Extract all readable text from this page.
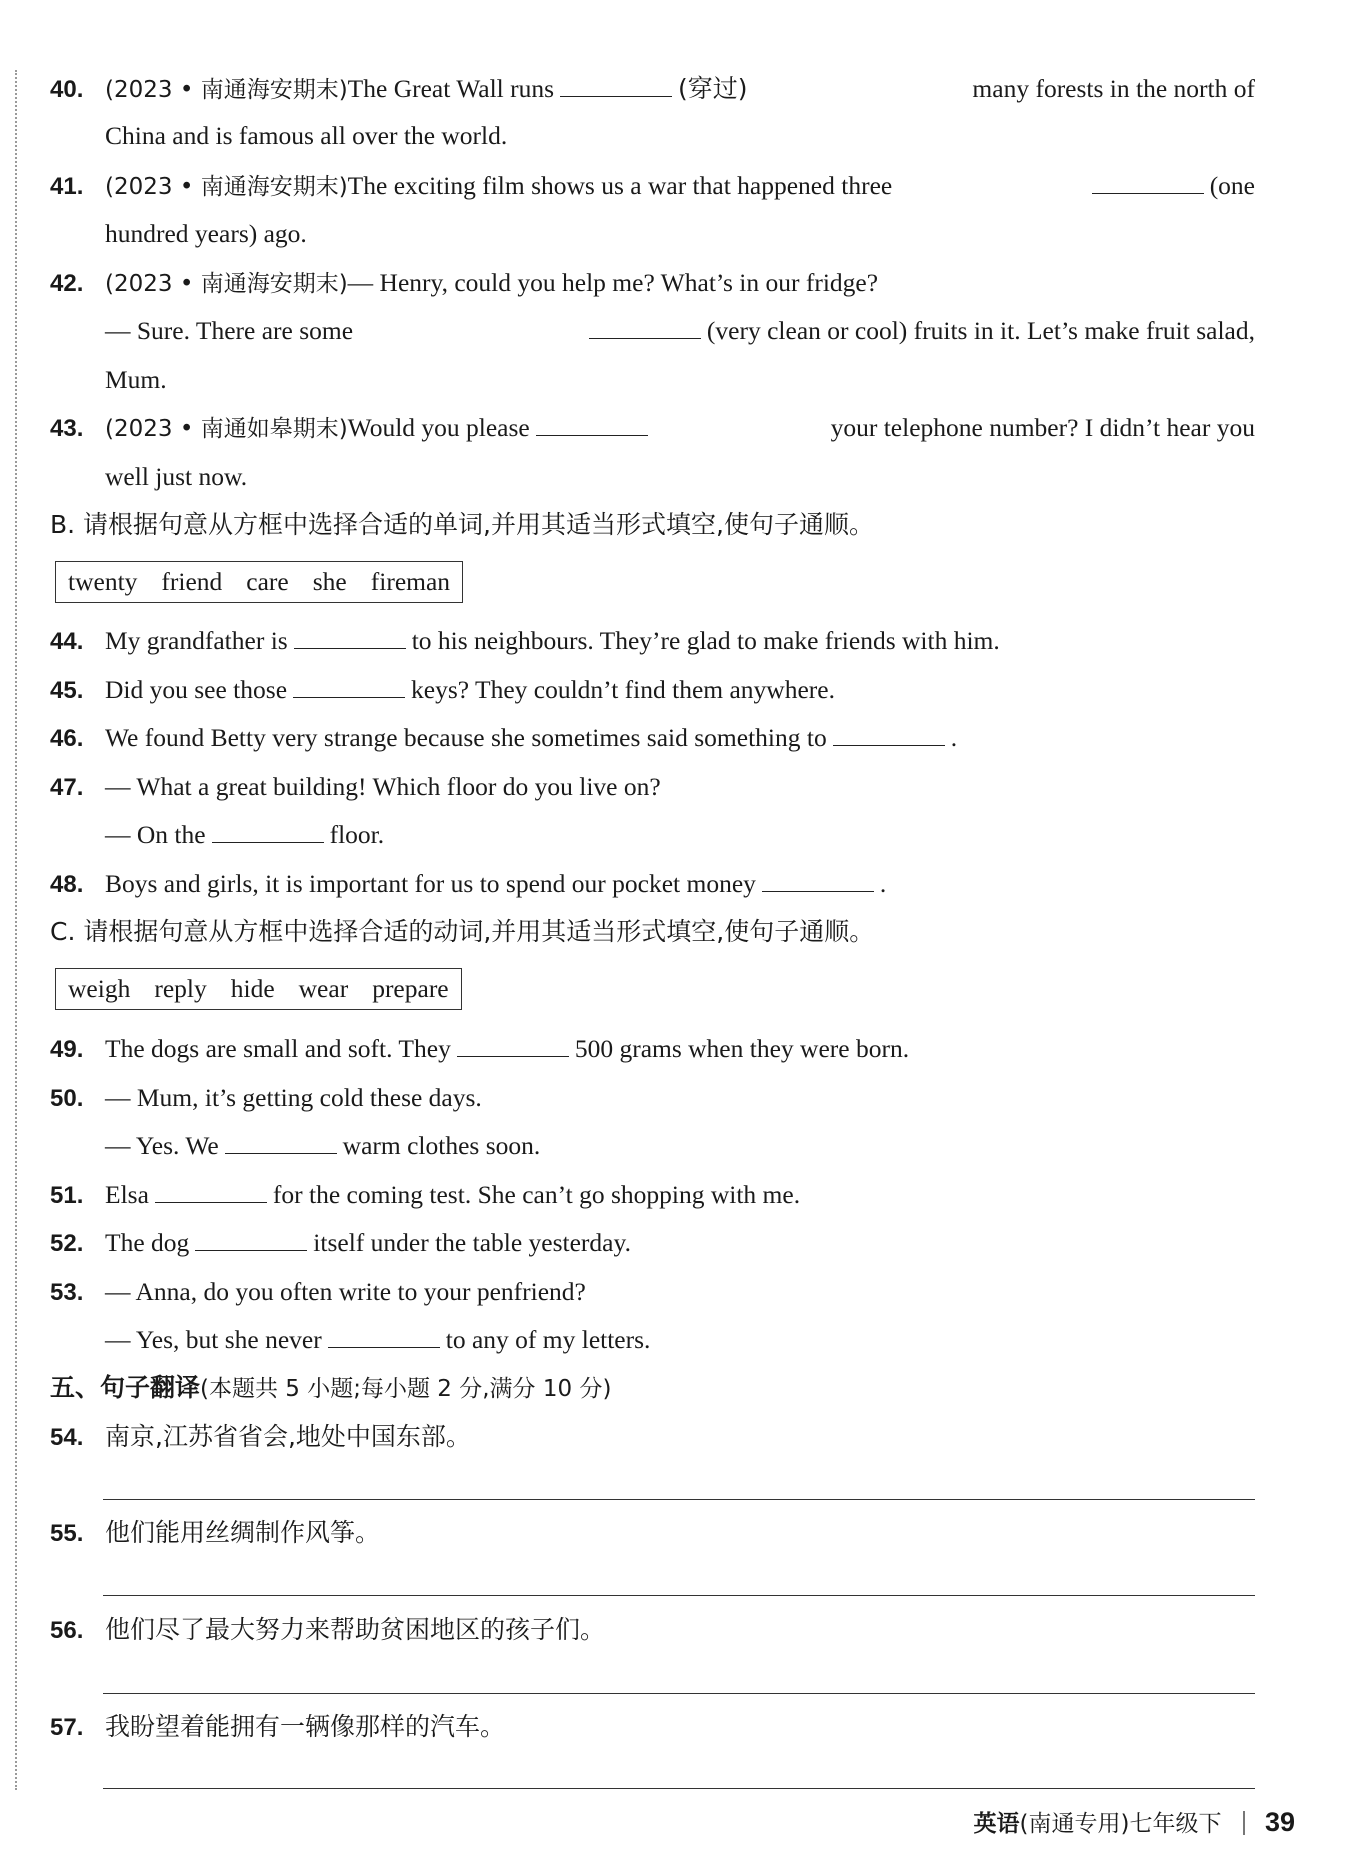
40. (2023 • 南通海安期末)The Great Wall runs	(穿过)	many forests in the north of
China and is famous all over the world.
41. (2023 • 南通海安期末)The exciting film shows us a war that happened three	(one
hundred years) ago.
42. (2023 • 南通海安期末)— Henry, could you help me? What’s in our fridge?
— Sure. There are some	(very clean or cool) fruits in it. Let’s make fruit salad,
Mum.
43. (2023 • 南通如皋期末)Would you please	your telephone number? I didn’t hear you
well just now.
B. 请根据句意从方框中选择合适的单词,并用其适当形式填空,使句子通顺。
twenty friend care she fireman
44. My grandfather is	to his neighbours. They’re glad to make friends with him.
45. Did you see those	keys? They couldn’t find them anywhere.
46. We found Betty very strange because she sometimes said something to	.
47. — What a great building! Which floor do you live on?
— On the	floor.
48. Boys and girls, it is important for us to spend our pocket money	.
C. 请根据句意从方框中选择合适的动词,并用其适当形式填空,使句子通顺。
weigh reply hide wear prepare
49. The dogs are small and soft. They	500 grams when they were born.
50. — Mum, it’s getting cold these days.
— Yes. We	warm clothes soon.
51. Elsa	for the coming test. She can’t go shopping with me.
52. The dog	itself under the table yesterday.
53. — Anna, do you often write to your penfriend?
— Yes, but she never	to any of my letters.
五、句子翻译(本题共 5 小题;每小题 2 分,满分 10 分)
54. 南京,江苏省省会,地处中国东部。
55. 他们能用丝绸制作风筝。
56. 他们尽了最大努力来帮助贫困地区的孩子们。
57. 我盼望着能拥有一辆像那样的汽车。
英语(南通专用)七年级下 39
